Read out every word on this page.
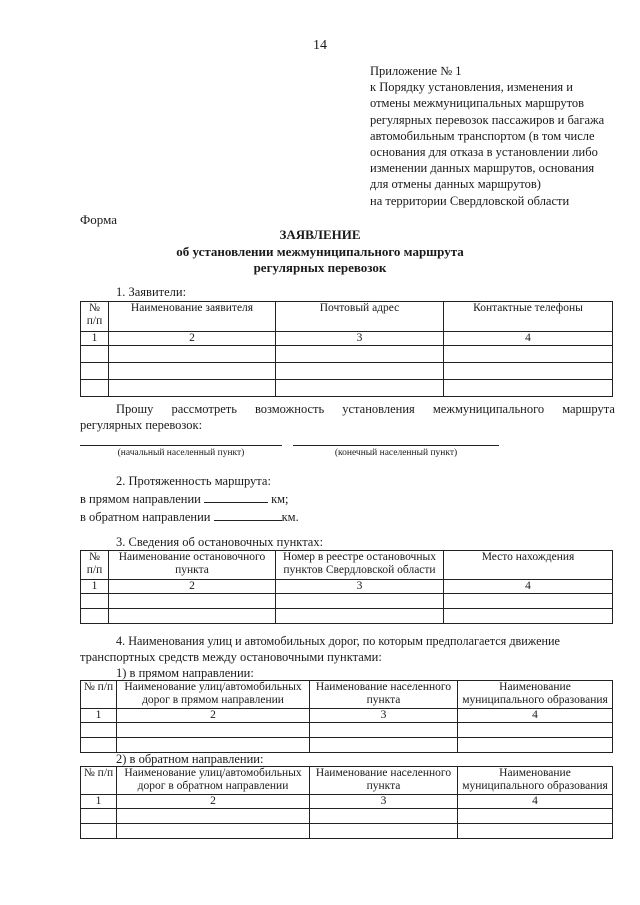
14
Приложение № 1
к Порядку установления, изменения и
отмены межмуниципальных маршрутов
регулярных перевозок пассажиров и багажа
автомобильным транспортом (в том числе
основания для отказа в установлении либо
изменении данных маршрутов, основания
для отмены данных маршрутов)
на территории Свердловской области
Форма
ЗАЯВЛЕНИЕ
об установлении межмуниципального маршрута
регулярных перевозок
1. Заявители:
№ п/п	Наименование заявителя	Почтовый адрес	Контактные телефоны
1	2	3	4

Прошу рассмотреть возможность установления межмуниципального маршрута
регулярных перевозок:
(начальный населенный пункт)	(конечный населенный пункт)
2. Протяженность маршрута:
в прямом направлении	км;
в обратном направлении	км.
3. Сведения об остановочных пунктах:
№ п/п	Наименование остановочного пункта	Номер в реестре остановочных пунктов Свердловской области	Место нахождения
1	2	3	4

4. Наименования улиц и автомобильных дорог, по которым предполагается движение
транспортных средств между остановочными пунктами:
1) в прямом направлении:
№ п/п	Наименование улиц/автомобильных дорог в прямом направлении	Наименование населенного пункта	Наименование муниципального образования
1	2	3	4

2) в обратном направлении:
№ п/п	Наименование улиц/автомобильных дорог в обратном направлении	Наименование населенного пункта	Наименование муниципального образования
1	2	3	4
